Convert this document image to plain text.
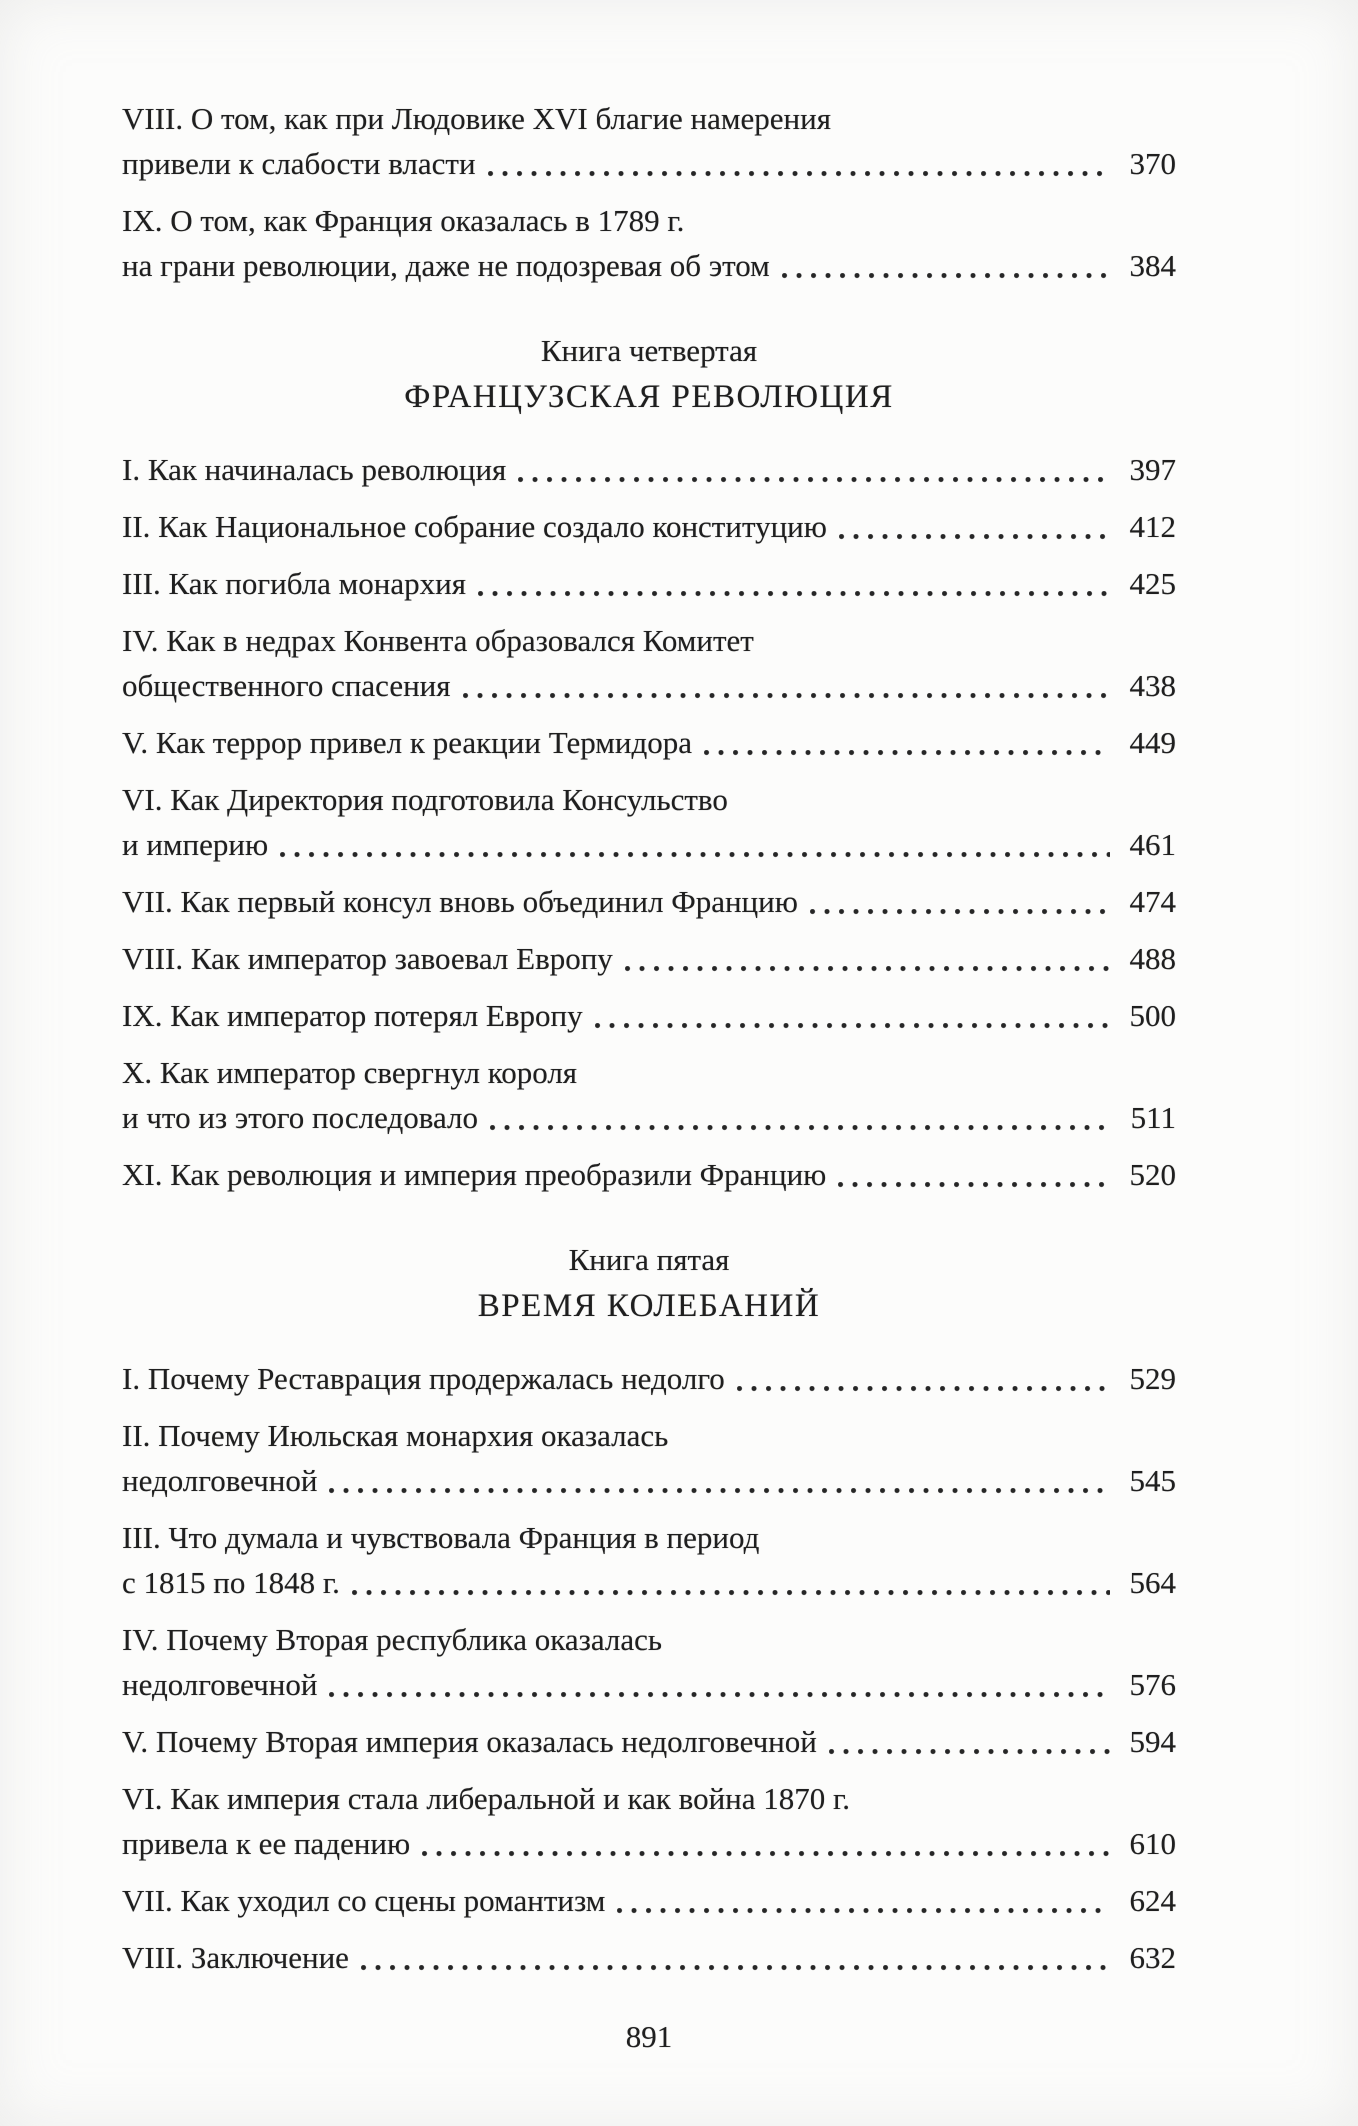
VIII. О том, как при Людовике XVI благие намерения
привели к слабости власти	370
IX. О том, как Франция оказалась в 1789 г.
на грани революции, даже не подозревая об этом	384
Книга четвертая
ФРАНЦУЗСКАЯ РЕВОЛЮЦИЯ
I. Как начиналась революция	397
II. Как Национальное собрание создало конституцию	412
III. Как погибла монархия	425
IV. Как в недрах Конвента образовался Комитет
общественного спасения	438
V. Как террор привел к реакции Термидора	449
VI. Как Директория подготовила Консульство
и империю	461
VII. Как первый консул вновь объединил Францию	474
VIII. Как император завоевал Европу	488
IX. Как император потерял Европу	500
X. Как император свергнул короля
и что из этого последовало	511
XI. Как революция и империя преобразили Францию	520
Книга пятая
ВРЕМЯ КОЛЕБАНИЙ
I. Почему Реставрация продержалась недолго	529
II. Почему Июльская монархия оказалась
недолговечной	545
III. Что думала и чувствовала Франция в период
с 1815 по 1848 г.	564
IV. Почему Вторая республика оказалась
недолговечной	576
V. Почему Вторая империя оказалась недолговечной	594
VI. Как империя стала либеральной и как война 1870 г.
привела к ее падению	610
VII. Как уходил со сцены романтизм	624
VIII. Заключение	632
891
